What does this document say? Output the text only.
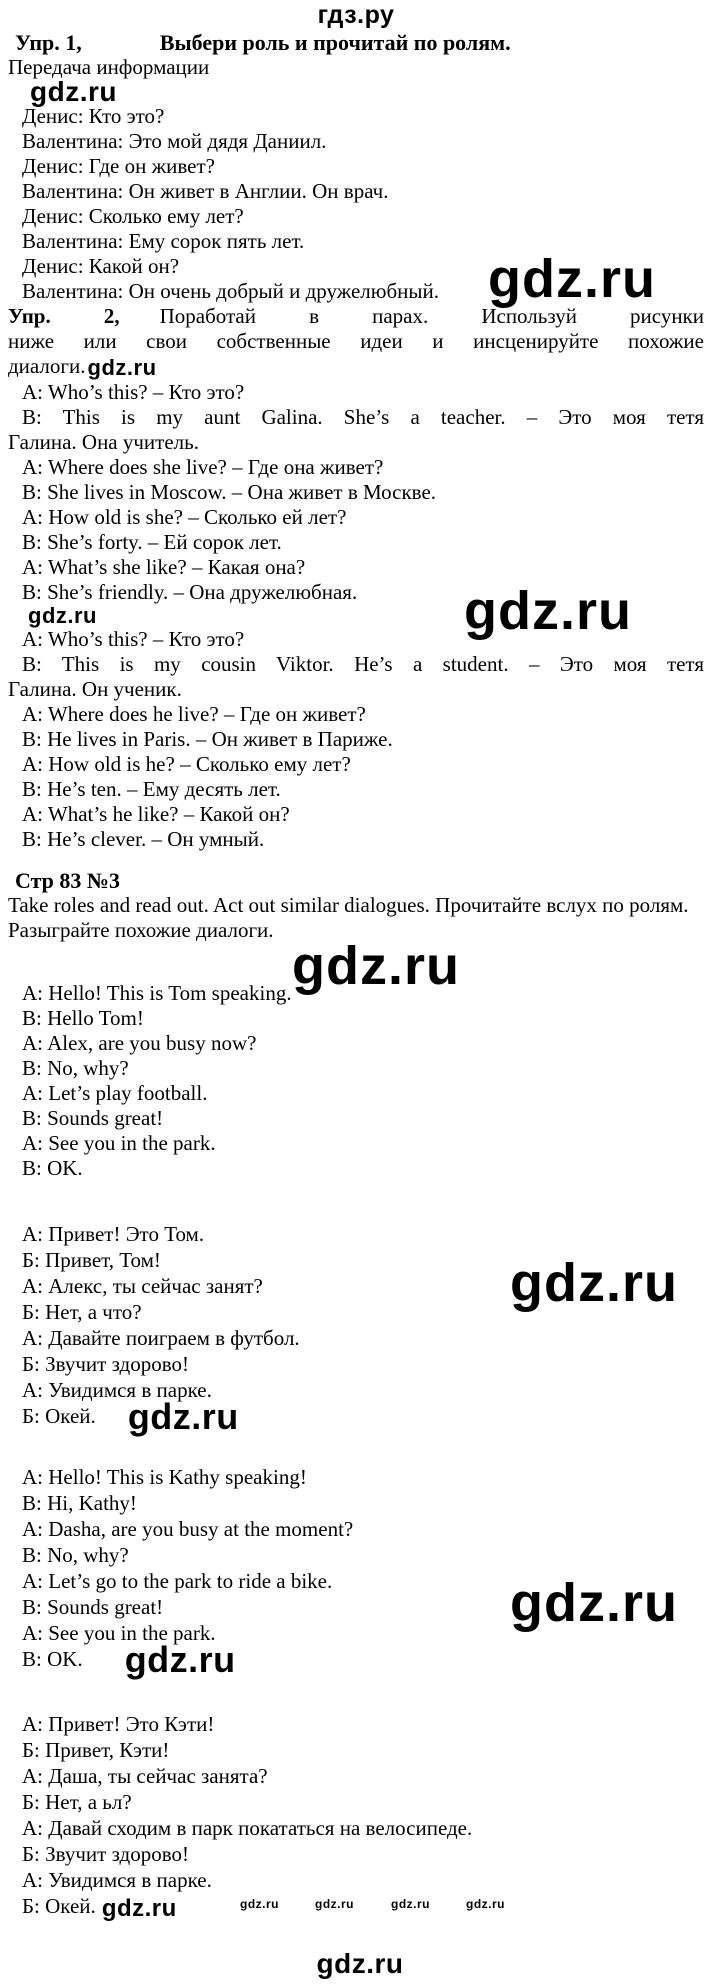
гдз.ру
Упр. 1,	Выбери роль и прочитай по ролям.
Передача информации
gdz.ru
Денис: Кто это?
Валентина: Это мой дядя Даниил.
Денис: Где он живет?
Валентина: Он живет в Англии. Он врач.
Денис: Сколько ему лет?
Валентина: Ему сорок пять лет.
Денис: Какой он?
Валентина: Он очень добрый и дружелюбный.
Упр. 2, Поработай в парах. Используй рисунки
ниже или свои собственные идеи и инсценируйте похожие
диалоги.gdz.ru
A: Who’s this? – Кто это?
B: This is my aunt Galina. She’s a teacher. – Это моя тетя
Галина. Она учитель.
A: Where does she live? – Где она живет?
B: She lives in Moscow. – Она живет в Москве.
A: How old is she? – Сколько ей лет?
B: She’s forty. – Ей сорок лет.
A: What’s she like? – Какая она?
B: She’s friendly. – Она дружелюбная.
gdz.ru
A: Who’s this? – Кто это?
B: This is my cousin Viktor. He’s a student. – Это моя тетя
Галина. Он ученик.
A: Where does he live? – Где он живет?
B: He lives in Paris. – Он живет в Париже.
A: How old is he? – Сколько ему лет?
B: He’s ten. – Ему десять лет.
A: What’s he like? – Какой он?
B: He’s clever. – Он умный.
Стр 83 №3
Take roles and read out. Act out similar dialogues. Прочитайте вслух по ролям.
Разыграйте похожие диалоги.
A: Hello! This is Tom speaking.
B: Hello Tom!
A: Alex, are you busy now?
B: No, why?
A: Let’s play football.
B: Sounds great!
A: See you in the park.
B: OK.
А: Привет! Это Том.
Б: Привет, Том!
А: Алекс, ты сейчас занят?
Б: Нет, а что?
А: Давайте поиграем в футбол.
Б: Звучит здорово!
А: Увидимся в парке.
Б: Окей. gdz.ru
A: Hello! This is Kathy speaking!
B: Hi, Kathy!
A: Dasha, are you busy at the moment?
B: No, why?
A: Let’s go to the park to ride a bike.
B: Sounds great!
A: See you in the park.
B: OK. gdz.ru
А: Привет! Это Кэти!
Б: Привет, Кэти!
А: Даша, ты сейчас занята?
Б: Нет, а ьл?
А: Давай сходим в парк покататься на велосипеде.
Б: Звучит здорово!
А: Увидимся в парке.
Б: Окей. gdz.ru
gdz.ru
gdz.ru
gdz.ru
gdz.ru
gdz.ru
gdz.ru	gdz.ru	gdz.ru	gdz.ru
gdz.ru
